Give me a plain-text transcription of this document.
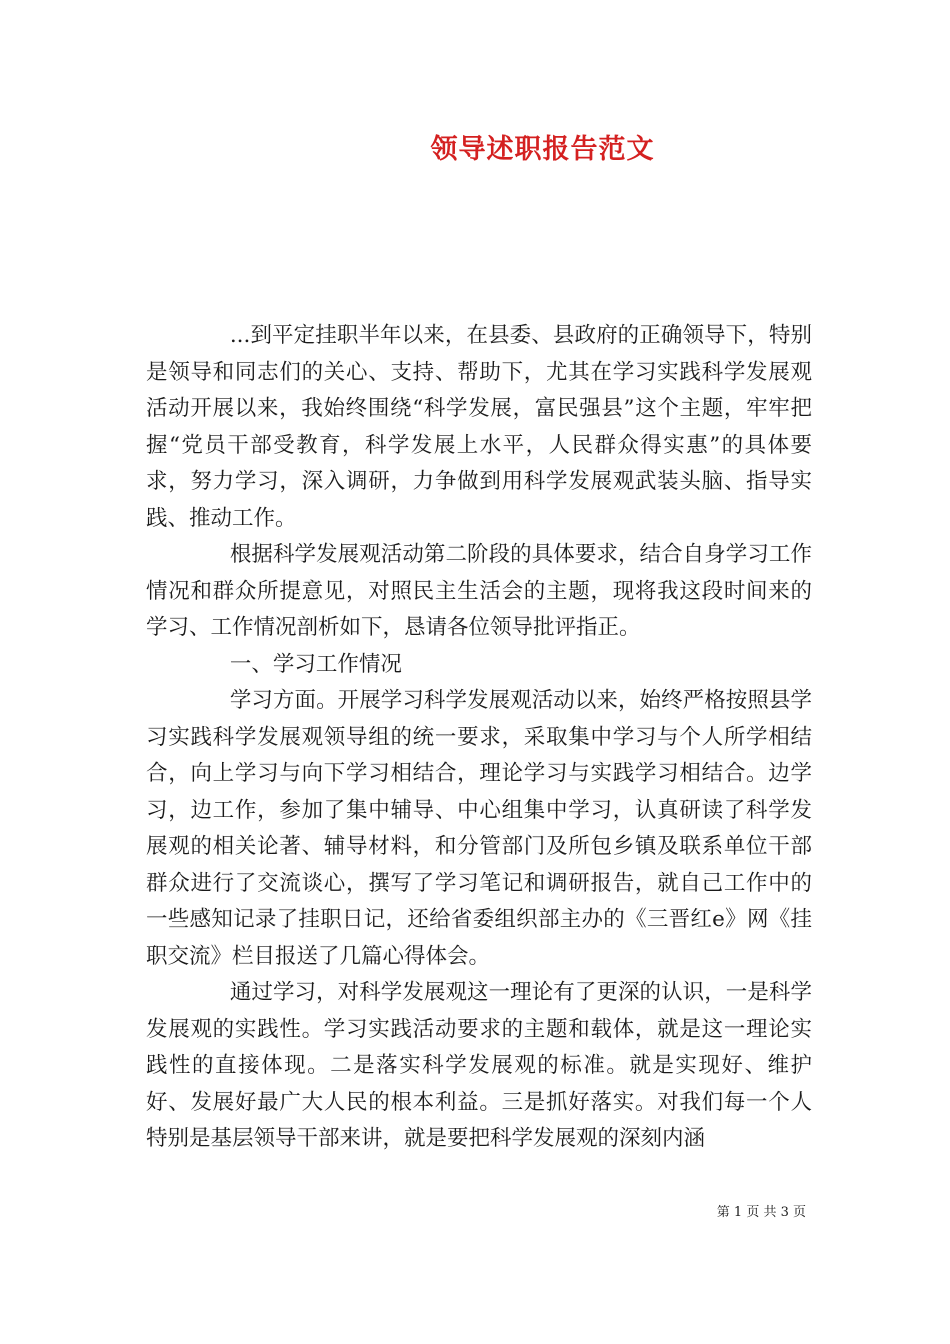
领导述职报告范文

...到平定挂职半年以来，在县委、县政府的正确领导下，特别是领导和同志们的关心、支持、帮助下，尤其在学习实践科学发展观活动开展以来，我始终围绕“科学发展，富民强县”这个主题，牢牢把握“党员干部受教育，科学发展上水平，人民群众得实惠”的具体要求，努力学习，深入调研，力争做到用科学发展观武装头脑、指导实践、推动工作。

根据科学发展观活动第二阶段的具体要求，结合自身学习工作情况和群众所提意见，对照民主生活会的主题，现将我这段时间来的学习、工作情况剖析如下，恳请各位领导批评指正。

一、学习工作情况

学习方面。开展学习科学发展观活动以来，始终严格按照县学习实践科学发展观领导组的统一要求，采取集中学习与个人所学相结合，向上学习与向下学习相结合，理论学习与实践学习相结合。边学习，边工作，参加了集中辅导、中心组集中学习，认真研读了科学发展观的相关论著、辅导材料，和分管部门及所包乡镇及联系单位干部群众进行了交流谈心，撰写了学习笔记和调研报告，就自己工作中的一些感知记录了挂职日记，还给省委组织部主办的《三晋红e》网《挂职交流》栏目报送了几篇心得体会。

通过学习，对科学发展观这一理论有了更深的认识，一是科学发展观的实践性。学习实践活动要求的主题和载体，就是这一理论实践性的直接体现。二是落实科学发展观的标准。就是实现好、维护好、发展好最广大人民的根本利益。三是抓好落实。对我们每一个人特别是基层领导干部来讲，就是要把科学发展观的深刻内涵

第 1 页 共 3 页
